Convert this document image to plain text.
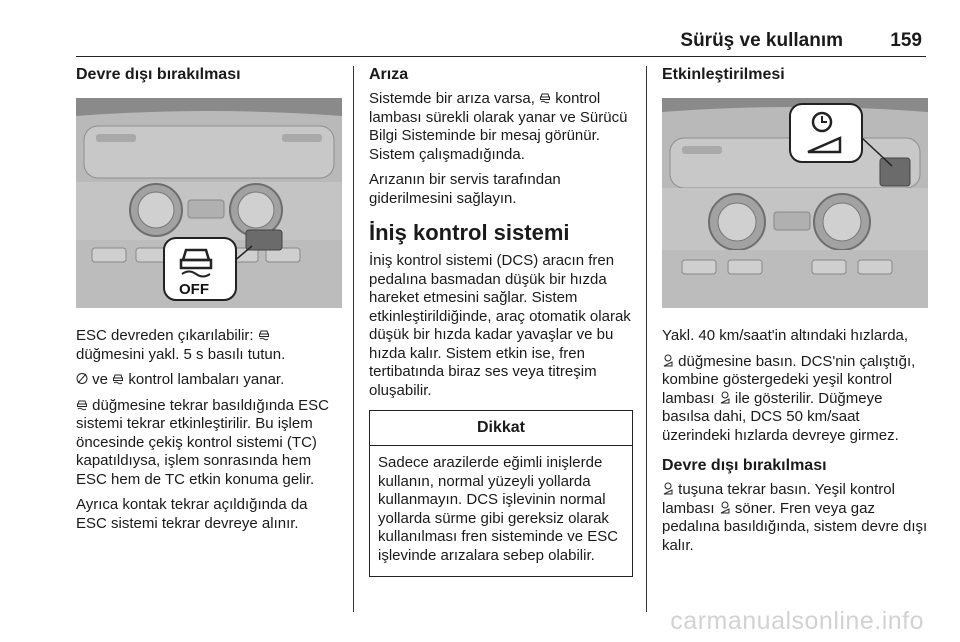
Sürüş ve kullanım 159
Devre dışı bırakılması
OFF

ESC devreden çıkarılabilir:
düğmesini yakl. 5 s basılı tutun.

ve  kontrol lambaları yanar.

düğmesine tekrar basıldığında ESC sistemi tekrar etkinleştirilir. Bu işlem öncesinde çekiş kontrol sistemi (TC) kapatıldıysa, işlem sonrasında hem ESC hem de TC etkin konuma gelir.

Ayrıca kontak tekrar açıldığında da ESC sistemi tekrar devreye alınır.

Arıza

Sistemde bir arıza varsa,  kontrol lambası sürekli olarak yanar ve Sürücü Bilgi Sisteminde bir mesaj görünür. Sistem çalışmadığında.

Arızanın bir servis tarafından giderilmesini sağlayın.

İniş kontrol sistemi

İniş kontrol sistemi (DCS) aracın fren pedalına basmadan düşük bir hızda hareket etmesini sağlar. Sistem etkinleştirildiğinde, araç otomatik olarak düşük bir hızda kadar yavaşlar ve bu hızda kalır. Sistem etkin ise, fren tertibatında biraz ses veya titreşim oluşabilir.

Dikkat

Sadece arazilerde eğimli inişlerde kullanın, normal yüzeyli yollarda kullanmayın. DCS işlevinin normal yollarda sürme gibi gereksiz olarak kullanılması fren sisteminde ve ESC işlevinde arızalara sebep olabilir.

Etkinleştirilmesi

Yakl. 40 km/saat'in altındaki hızlarda,

düğmesine basın. DCS'nin çalıştığı, kombine göstergedeki yeşil kontrol lambası  ile gösterilir. Düğmeye basılsa dahi, DCS 50 km/saat üzerindeki hızlarda devreye girmez.

Devre dışı bırakılması

tuşuna tekrar basın. Yeşil kontrol lambası  söner. Fren veya gaz pedalına basıldığında, sistem devre dışı kalır.

carmanualsonline.info
